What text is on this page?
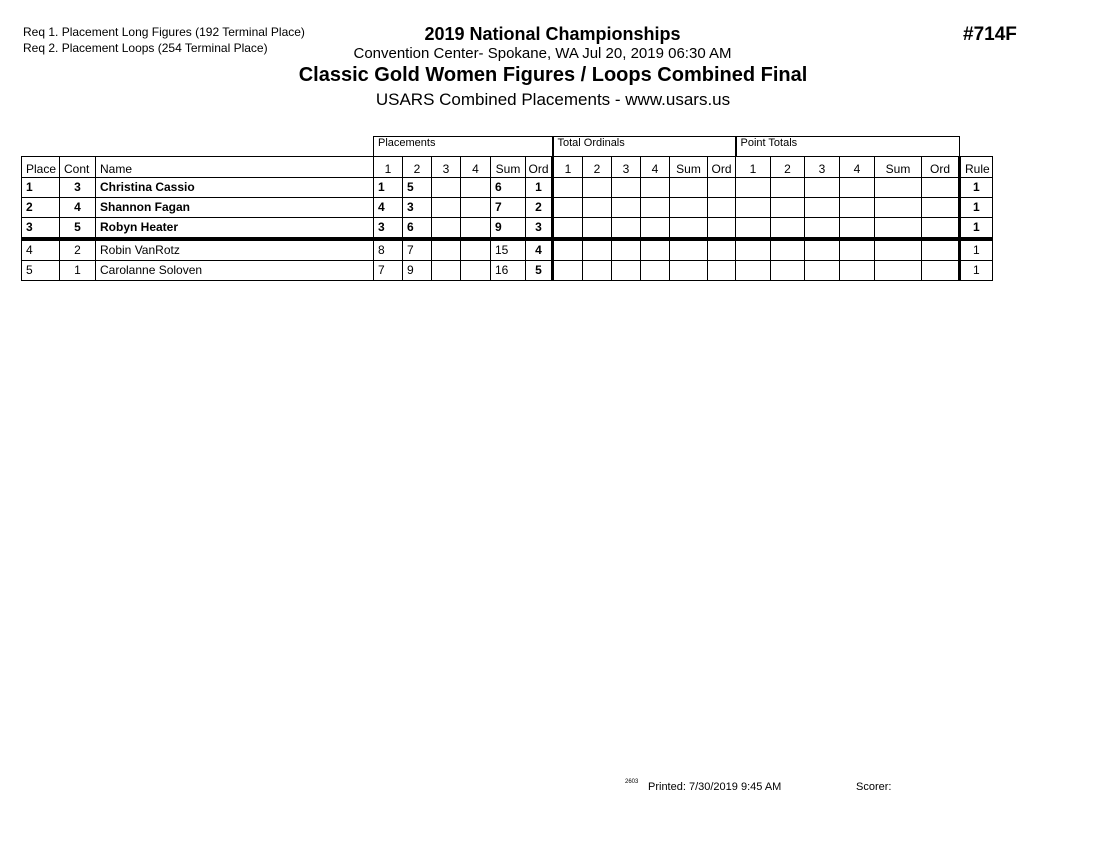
Req 1. Placement Long Figures (192 Terminal Place)
Req 2. Placement Loops (254 Terminal Place)
2019 National Championships
Convention Center- Spokane, WA Jul 20, 2019 06:30 AM
#714F
Classic Gold Women Figures / Loops Combined Final
USARS Combined Placements - www.usars.us
			Placements						Total Ordinals						Point Totals						
Place	Cont	Name	1	2	3	4	Sum	Ord	1	2	3	4	Sum	Ord	1	2	3	4	Sum	Ord	Rule
1	3	Christina Cassio	1	5			6	1													1
2	4	Shannon Fagan	4	3			7	2													1
3	5	Robyn Heater	3	6			9	3													1
4	2	Robin VanRotz	8	7			15	4													1
5	1	Carolanne Soloven	7	9			16	5													1
2603 Printed: 7/30/2019 9:45 AM	Scorer:
